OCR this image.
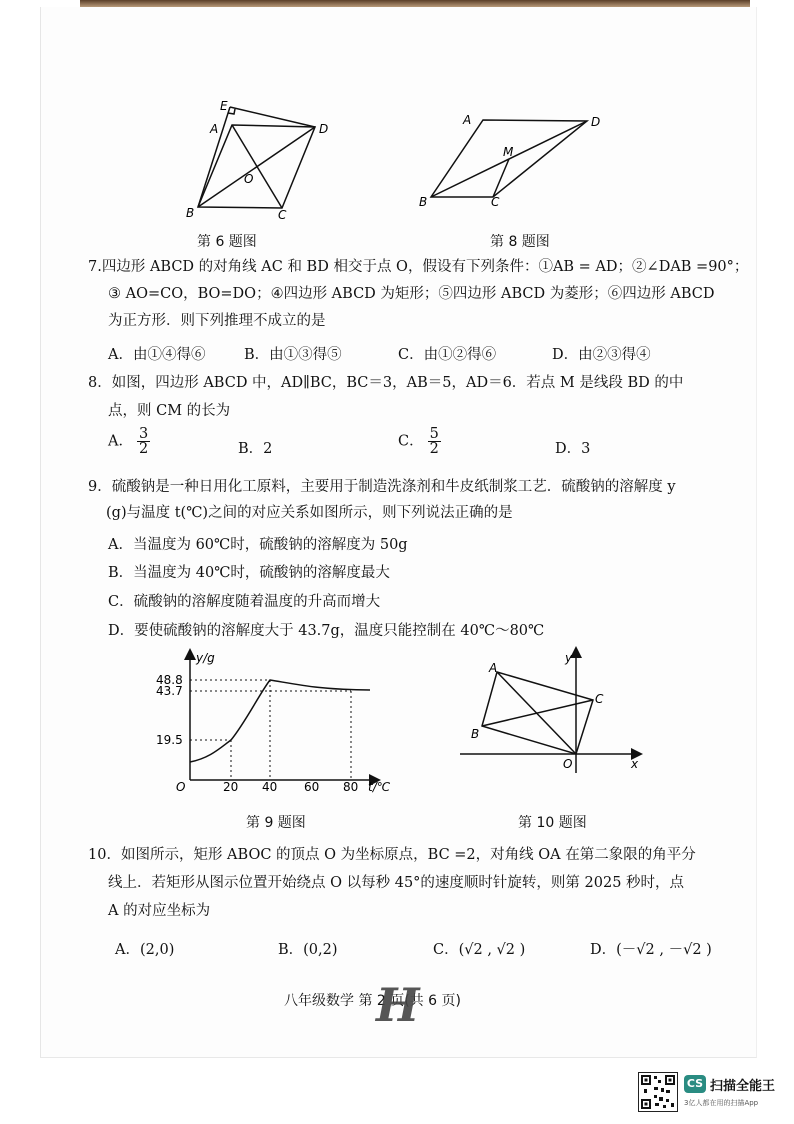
E
A	D
O
B	C
第 6 题图
A	D
M
B	C
第 8 题图
7.四边形 ABCD 的对角线 AC 和 BD 相交于点 O，假设有下列条件：①AB = AD；②∠DAB =90°；
③ AO=CO，BO=DO；④四边形 ABCD 为矩形；⑤四边形 ABCD 为菱形；⑥四边形 ABCD
为正方形．则下列推理不成立的是
A．由①④得⑥	B．由①③得⑤	C．由①②得⑥	D．由②③得④
8．如图，四边形 ABCD 中，AD∥BC，BC＝3，AB＝5，AD＝6．若点 M 是线段 BD 的中
点，则 CM 的长为
A． $\frac{3}{2}$	B．2	C． $\frac{5}{2}$	D．3
9．硫酸钠是一种日用化工原料，主要用于制造洗涤剂和牛皮纸制浆工艺．硫酸钠的溶解度 y
(g)与温度 t(℃)之间的对应关系如图所示，则下列说法正确的是
A．当温度为 60℃时，硫酸钠的溶解度为 50g
B．当温度为 40℃时，硫酸钠的溶解度最大
C．硫酸钠的溶解度随着温度的升高而增大
D．要使硫酸钠的溶解度大于 43.7g，温度只能控制在 40℃～80℃
y/g
t/℃
O
48.8
43.7
19.5
20 40 60 80
第 9 题图
y
x
O
A
B
C
第 10 题图
10．如图所示，矩形 ABOC 的顶点 O 为坐标原点，BC =2，对角线 OA 在第二象限的角平分
线上．若矩形从图示位置开始绕点 O 以每秒 45°的速度顺时针旋转，则第 2025 秒时，点
A 的对应坐标为
A．(2,0)	B．(0,2)	C．(√2 , √2 )	D．(－√2 , －√2 )
八年级数学 第 2 页(共 6 页)
H
CS 扫描全能王
3亿人都在用的扫描App
